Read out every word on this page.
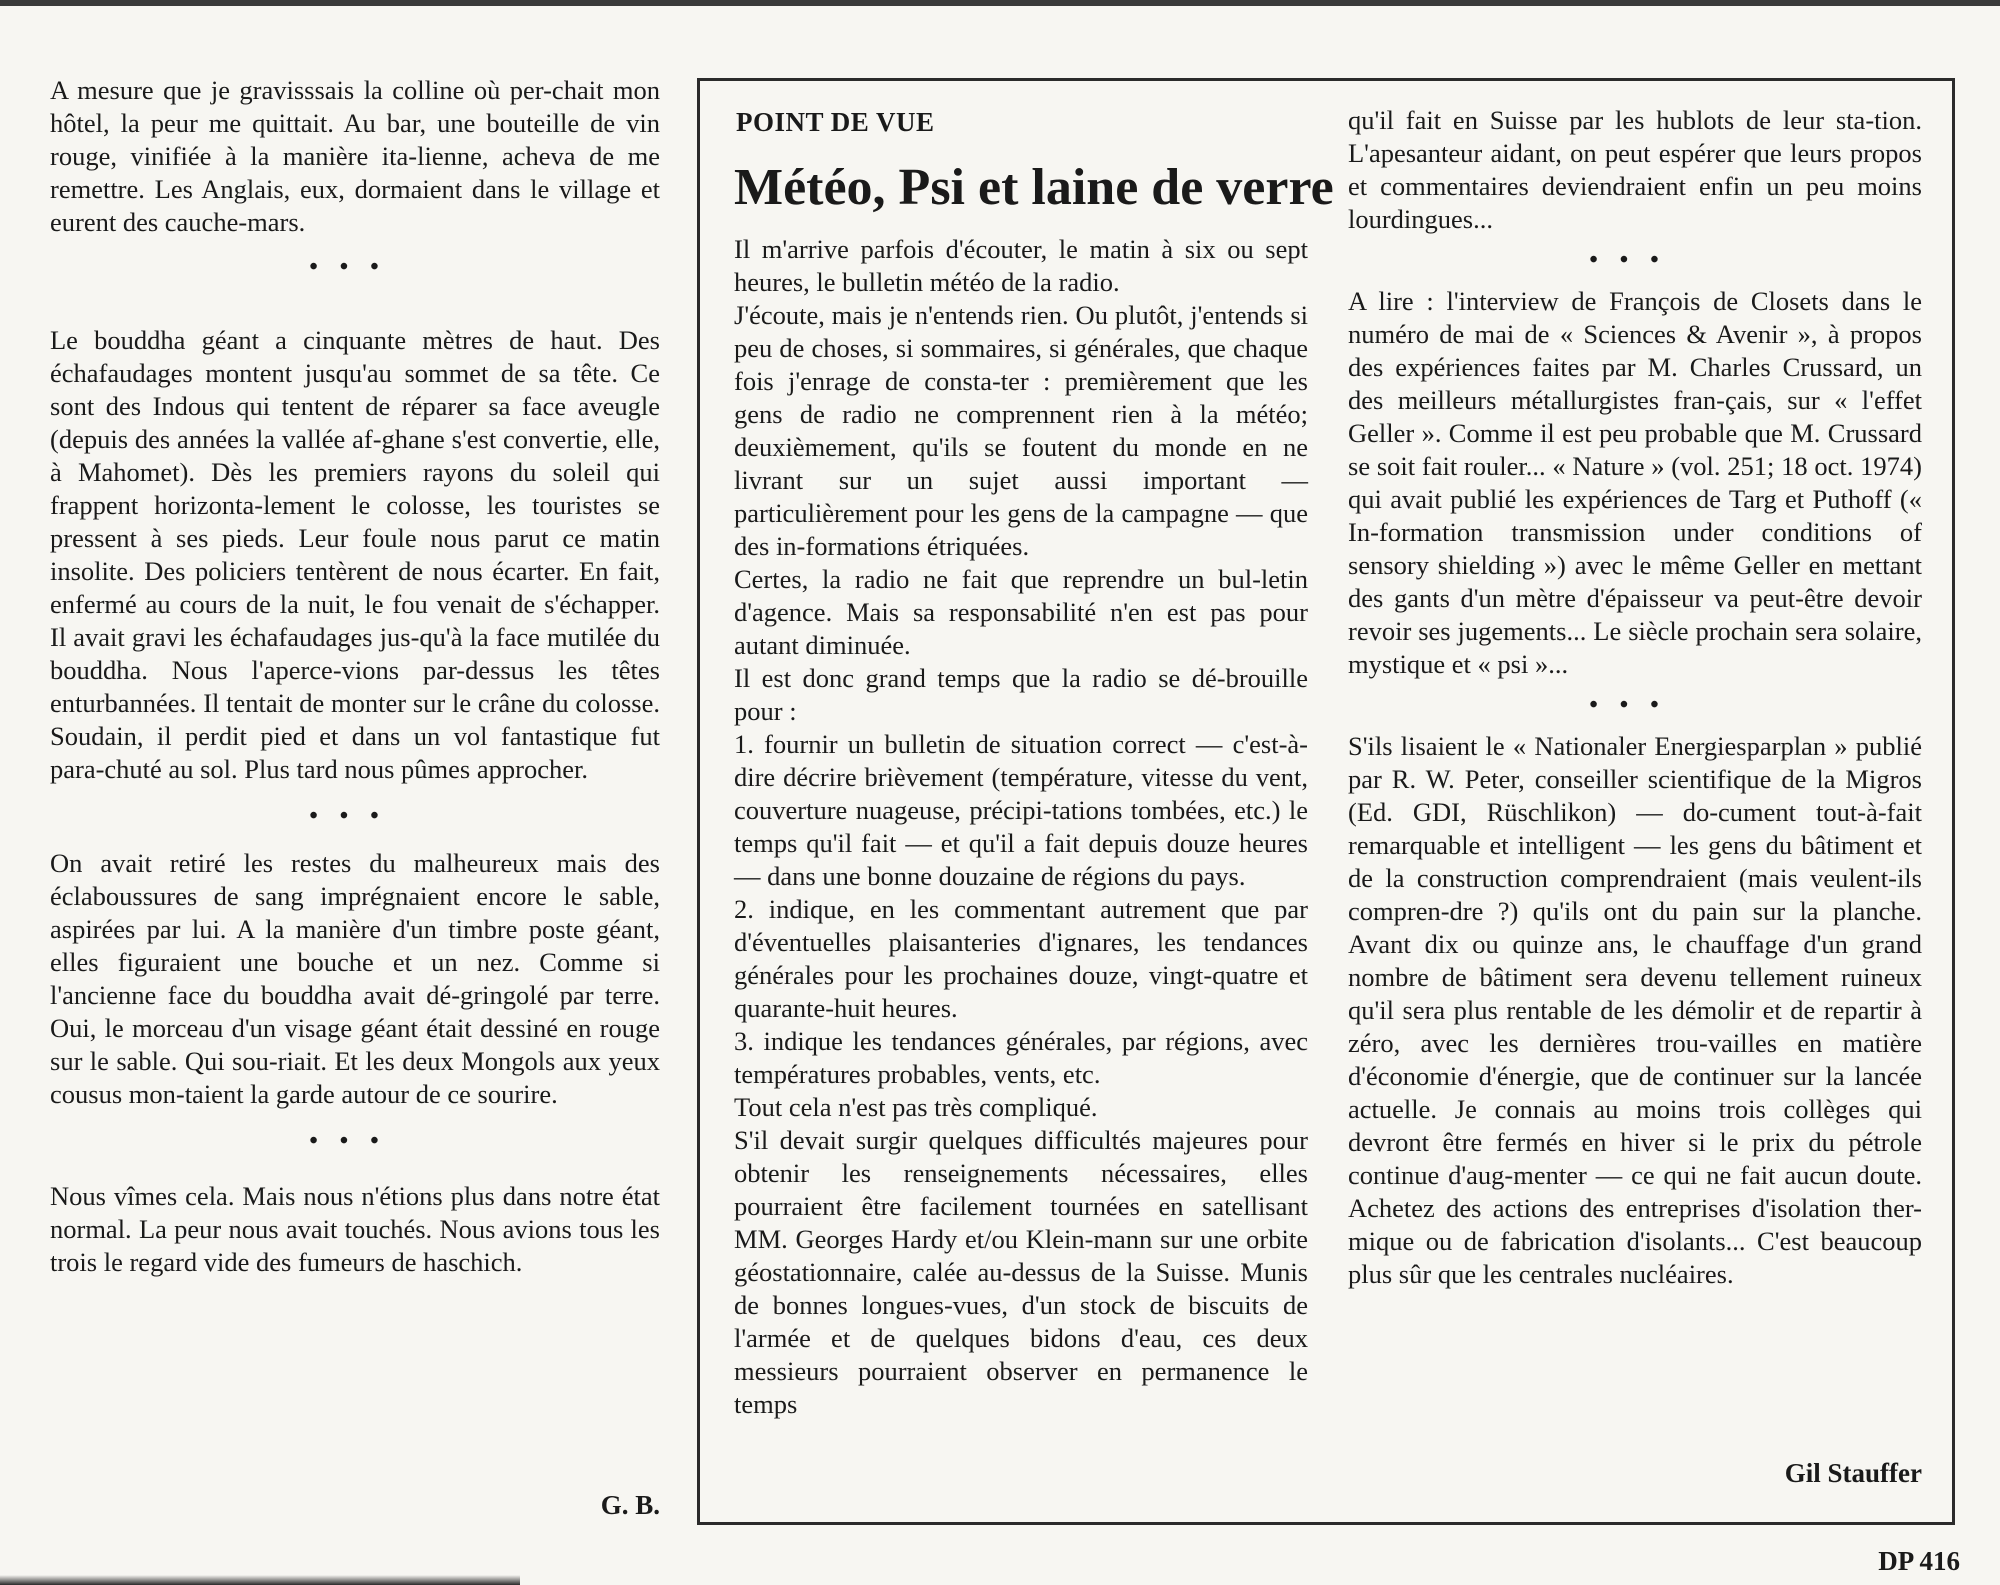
A mesure que je gravisssais la colline où per-chait mon hôtel, la peur me quittait. Au bar, une bouteille de vin rouge, vinifiée à la manière ita-lienne, acheva de me remettre. Les Anglais, eux, dormaient dans le village et eurent des cauche-mars.

•••

Le bouddha géant a cinquante mètres de haut. Des échafaudages montent jusqu'au sommet de sa tête. Ce sont des Indous qui tentent de réparer sa face aveugle (depuis des années la vallée af-ghane s'est convertie, elle, à Mahomet). Dès les premiers rayons du soleil qui frappent horizonta-lement le colosse, les touristes se pressent à ses pieds. Leur foule nous parut ce matin insolite. Des policiers tentèrent de nous écarter. En fait, enfermé au cours de la nuit, le fou venait de s'échapper. Il avait gravi les échafaudages jus-qu'à la face mutilée du bouddha. Nous l'aperce-vions par-dessus les têtes enturbannées. Il tentait de monter sur le crâne du colosse. Soudain, il perdit pied et dans un vol fantastique fut para-chuté au sol. Plus tard nous pûmes approcher.

•••

On avait retiré les restes du malheureux mais des éclaboussures de sang imprégnaient encore le sable, aspirées par lui. A la manière d'un timbre poste géant, elles figuraient une bouche et un nez. Comme si l'ancienne face du bouddha avait dé-gringolé par terre. Oui, le morceau d'un visage géant était dessiné en rouge sur le sable. Qui sou-riait. Et les deux Mongols aux yeux cousus mon-taient la garde autour de ce sourire.

•••

Nous vîmes cela. Mais nous n'étions plus dans notre état normal. La peur nous avait touchés. Nous avions tous les trois le regard vide des fumeurs de haschich.

G. B.
POINT DE VUE
Météo, Psi et laine de verre

Il m'arrive parfois d'écouter, le matin à six ou sept heures, le bulletin météo de la radio.

J'écoute, mais je n'entends rien. Ou plutôt, j'entends si peu de choses, si sommaires, si générales, que chaque fois j'enrage de consta-ter : premièrement que les gens de radio ne comprennent rien à la météo; deuxièmement, qu'ils se foutent du monde en ne livrant sur un sujet aussi important — particulièrement pour les gens de la campagne — que des in-formations étriquées.

Certes, la radio ne fait que reprendre un bul-letin d'agence. Mais sa responsabilité n'en est pas pour autant diminuée.

Il est donc grand temps que la radio se dé-brouille pour :

1. fournir un bulletin de situation correct — c'est-à-dire décrire brièvement (température, vitesse du vent, couverture nuageuse, précipi-tations tombées, etc.) le temps qu'il fait — et qu'il a fait depuis douze heures — dans une bonne douzaine de régions du pays.

2. indique, en les commentant autrement que par d'éventuelles plaisanteries d'ignares, les tendances générales pour les prochaines douze, vingt-quatre et quarante-huit heures.

3. indique les tendances générales, par régions, avec températures probables, vents, etc.

Tout cela n'est pas très compliqué.

S'il devait surgir quelques difficultés majeures pour obtenir les renseignements nécessaires, elles pourraient être facilement tournées en satellisant MM. Georges Hardy et/ou Klein-mann sur une orbite géostationnaire, calée au-dessus de la Suisse. Munis de bonnes longues-vues, d'un stock de biscuits de l'armée et de quelques bidons d'eau, ces deux messieurs pourraient observer en permanence le temps

qu'il fait en Suisse par les hublots de leur sta-tion. L'apesanteur aidant, on peut espérer que leurs propos et commentaires deviendraient enfin un peu moins lourdingues...

•••

A lire : l'interview de François de Closets dans le numéro de mai de « Sciences & Avenir », à propos des expériences faites par M. Charles Crussard, un des meilleurs métallurgistes fran-çais, sur « l'effet Geller ». Comme il est peu probable que M. Crussard se soit fait rouler... « Nature » (vol. 251; 18 oct. 1974) qui avait publié les expériences de Targ et Puthoff (« In-formation transmission under conditions of sensory shielding ») avec le même Geller en mettant des gants d'un mètre d'épaisseur va peut-être devoir revoir ses jugements... Le siècle prochain sera solaire, mystique et « psi »...

•••

S'ils lisaient le « Nationaler Energiesparplan » publié par R. W. Peter, conseiller scientifique de la Migros (Ed. GDI, Rüschlikon) — do-cument tout-à-fait remarquable et intelligent — les gens du bâtiment et de la construction comprendraient (mais veulent-ils compren-dre ?) qu'ils ont du pain sur la planche. Avant dix ou quinze ans, le chauffage d'un grand nombre de bâtiment sera devenu tellement ruineux qu'il sera plus rentable de les démolir et de repartir à zéro, avec les dernières trou-vailles en matière d'économie d'énergie, que de continuer sur la lancée actuelle. Je connais au moins trois collèges qui devront être fermés en hiver si le prix du pétrole continue d'aug-menter — ce qui ne fait aucun doute. Achetez des actions des entreprises d'isolation ther-mique ou de fabrication d'isolants... C'est beaucoup plus sûr que les centrales nucléaires.

Gil Stauffer
DP 416
